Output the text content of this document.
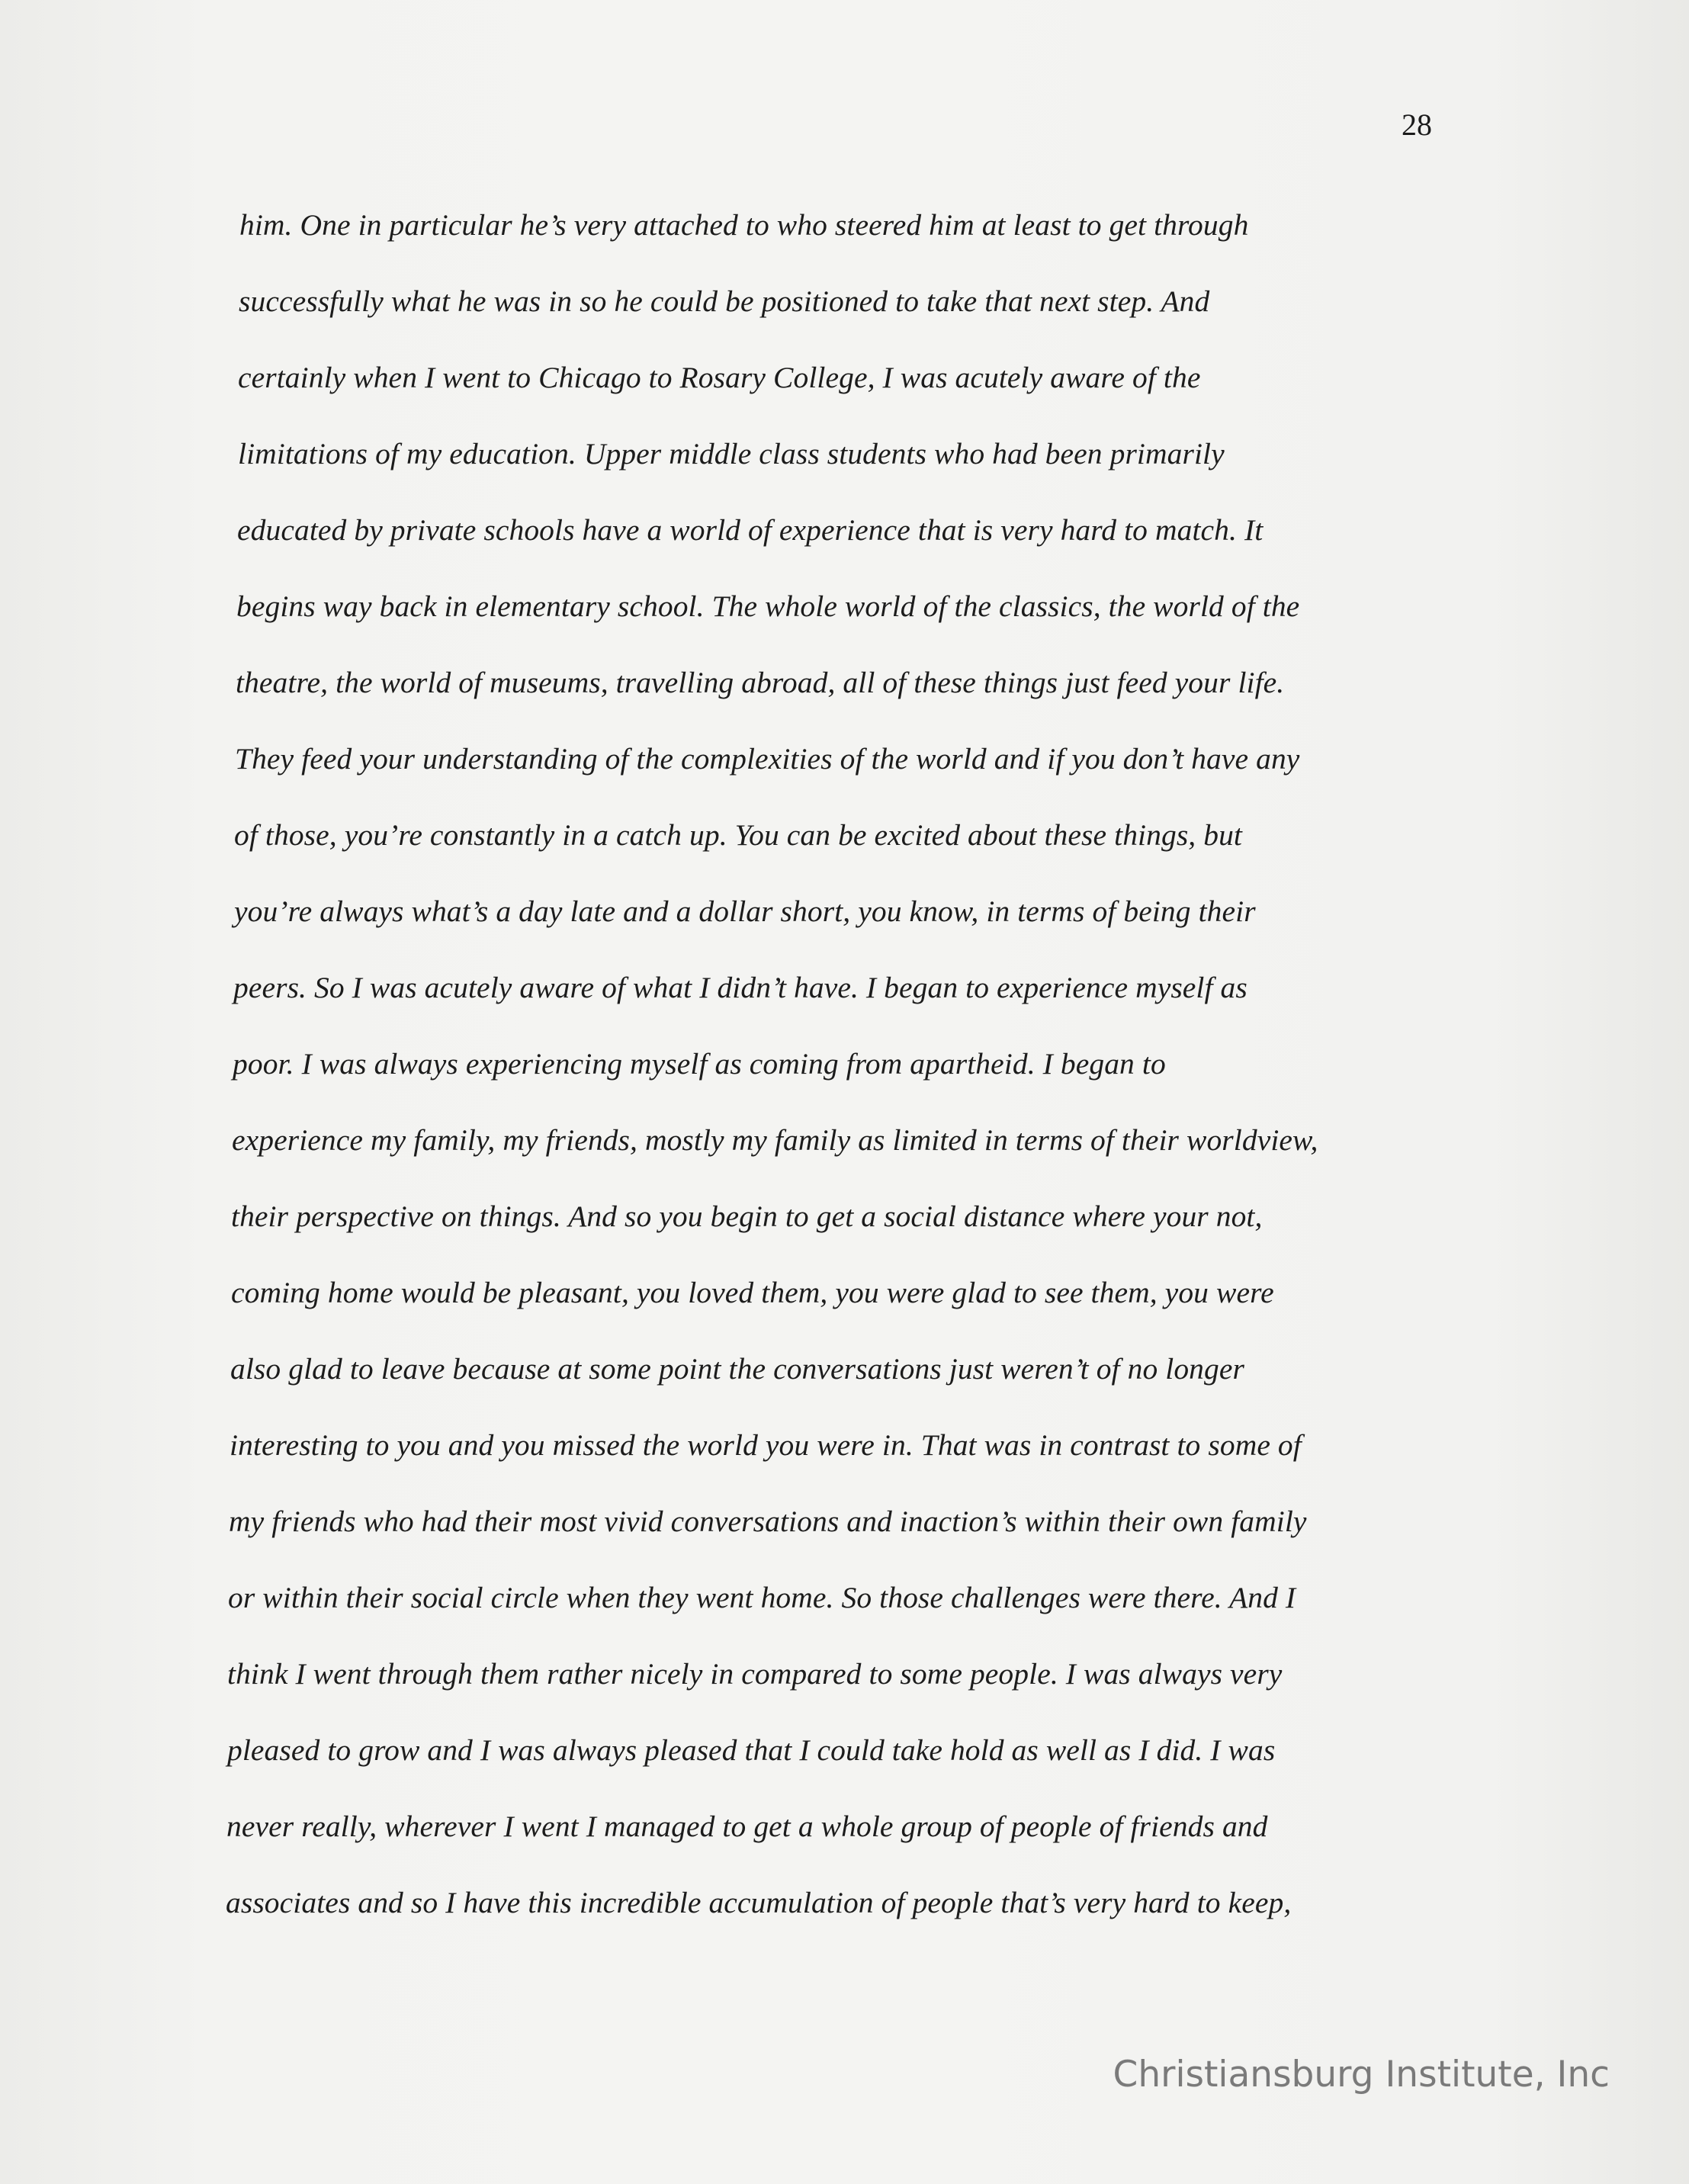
28
him. One in particular he’s very attached to who steered him at least to get through
successfully what he was in so he could be positioned to take that next step. And
certainly when I went to Chicago to Rosary College, I was acutely aware of the
limitations of my education. Upper middle class students who had been primarily
educated by private schools have a world of experience that is very hard to match. It
begins way back in elementary school. The whole world of the classics, the world of the
theatre, the world of museums, travelling abroad, all of these things just feed your life.
They feed your understanding of the complexities of the world and if you don’t have any
of those, you’re constantly in a catch up. You can be excited about these things, but
you’re always what’s a day late and a dollar short, you know, in terms of being their
peers. So I was acutely aware of what I didn’t have. I began to experience myself as
poor. I was always experiencing myself as coming from apartheid. I began to
experience my family, my friends, mostly my family as limited in terms of their worldview,
their perspective on things. And so you begin to get a social distance where your not,
coming home would be pleasant, you loved them, you were glad to see them, you were
also glad to leave because at some point the conversations just weren’t of no longer
interesting to you and you missed the world you were in. That was in contrast to some of
my friends who had their most vivid conversations and inaction’s within their own family
or within their social circle when they went home. So those challenges were there. And I
think I went through them rather nicely in compared to some people. I was always very
pleased to grow and I was always pleased that I could take hold as well as I did. I was
never really, wherever I went I managed to get a whole group of people of friends and
associates and so I have this incredible accumulation of people that’s very hard to keep,
Christiansburg Institute, Inc
